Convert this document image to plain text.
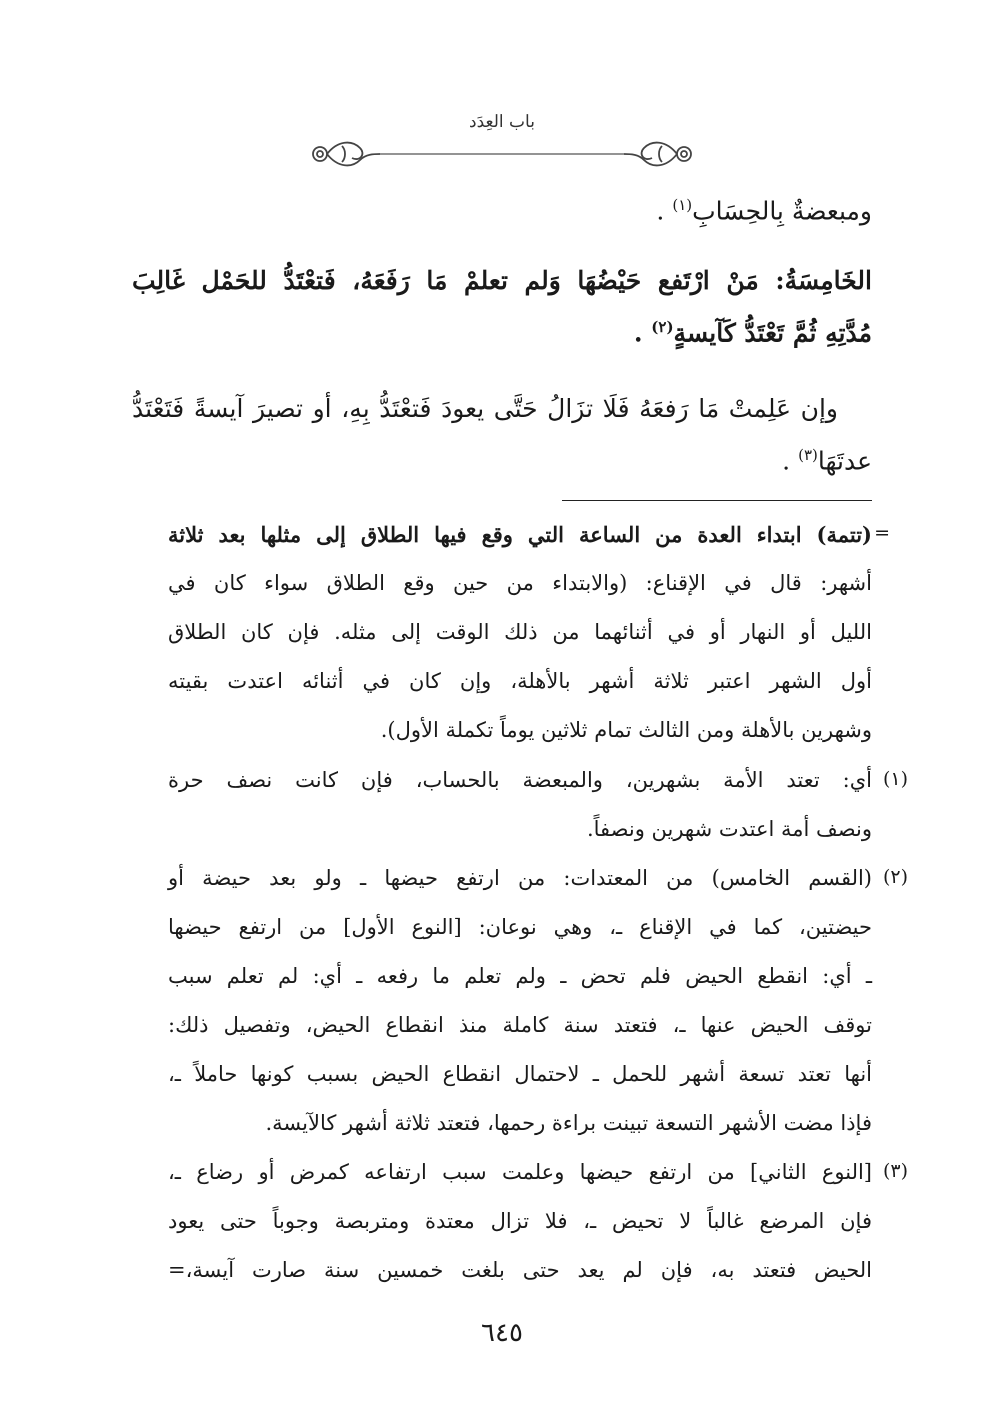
باب العِدَد
ومبعضةٌ بِالحِسَابِ$^{(١)}$ .
الخَامِسَةُ: مَنْ ارْتَفع حَيْضُهَا وَلم تعلمْ مَا رَفَعَهُ، فَتعْتَدُّ للحَمْل غَالِبَ
مُدَّتِهِ ثُمَّ تَعْتَدُّ كَآيسةٍ$^{(٢)}$ .
وإن عَلِمتْ مَا رَفعَهُ فَلَا تزَالُ حَتَّى يعودَ فَتعْتَدُّ بِهِ، أو تصيرَ آيسةً فَتَعْتَدُّ
عدتَهَا$^{(٣)}$ .
=
(تتمة) ابتداء العدة من الساعة التي وقع فيها الطلاق إلى مثلها بعد ثلاثة
أشهر: قال في الإقناع: (والابتداء من حين وقع الطلاق سواء كان في
الليل أو النهار أو في أثنائهما من ذلك الوقت إلى مثله. فإن كان الطلاق
أول الشهر اعتبر ثلاثة أشهر بالأهلة، وإن كان في أثنائه اعتدت بقيته
وشهرين بالأهلة ومن الثالث تمام ثلاثين يوماً تكملة الأول).
(١)
أي: تعتد الأمة بشهرين، والمبعضة بالحساب، فإن كانت نصف حرة
ونصف أمة اعتدت شهرين ونصفاً.
(٢)
(القسم الخامس) من المعتدات: من ارتفع حيضها ـ ولو بعد حيضة أو
حيضتين، كما في الإقناع ـ، وهي نوعان: [النوع الأول] من ارتفع حيضها
ـ أي: انقطع الحيض فلم تحض ـ ولم تعلم ما رفعه ـ أي: لم تعلم سبب
توقف الحيض عنها ـ، فتعتد سنة كاملة منذ انقطاع الحيض، وتفصيل ذلك:
أنها تعتد تسعة أشهر للحمل ـ لاحتمال انقطاع الحيض بسبب كونها حاملاً ـ،
فإذا مضت الأشهر التسعة تبينت براءة رحمها، فتعتد ثلاثة أشهر كالآيسة.
(٣)
[النوع الثاني] من ارتفع حيضها وعلمت سبب ارتفاعه كمرض أو رضاع ـ،
فإن المرضع غالباً لا تحيض ـ، فلا تزال معتدة ومتربصة وجوباً حتى يعود
الحيض فتعتد به، فإن لم يعد حتى بلغت خمسين سنة صارت آيسة،=
٦٤٥
